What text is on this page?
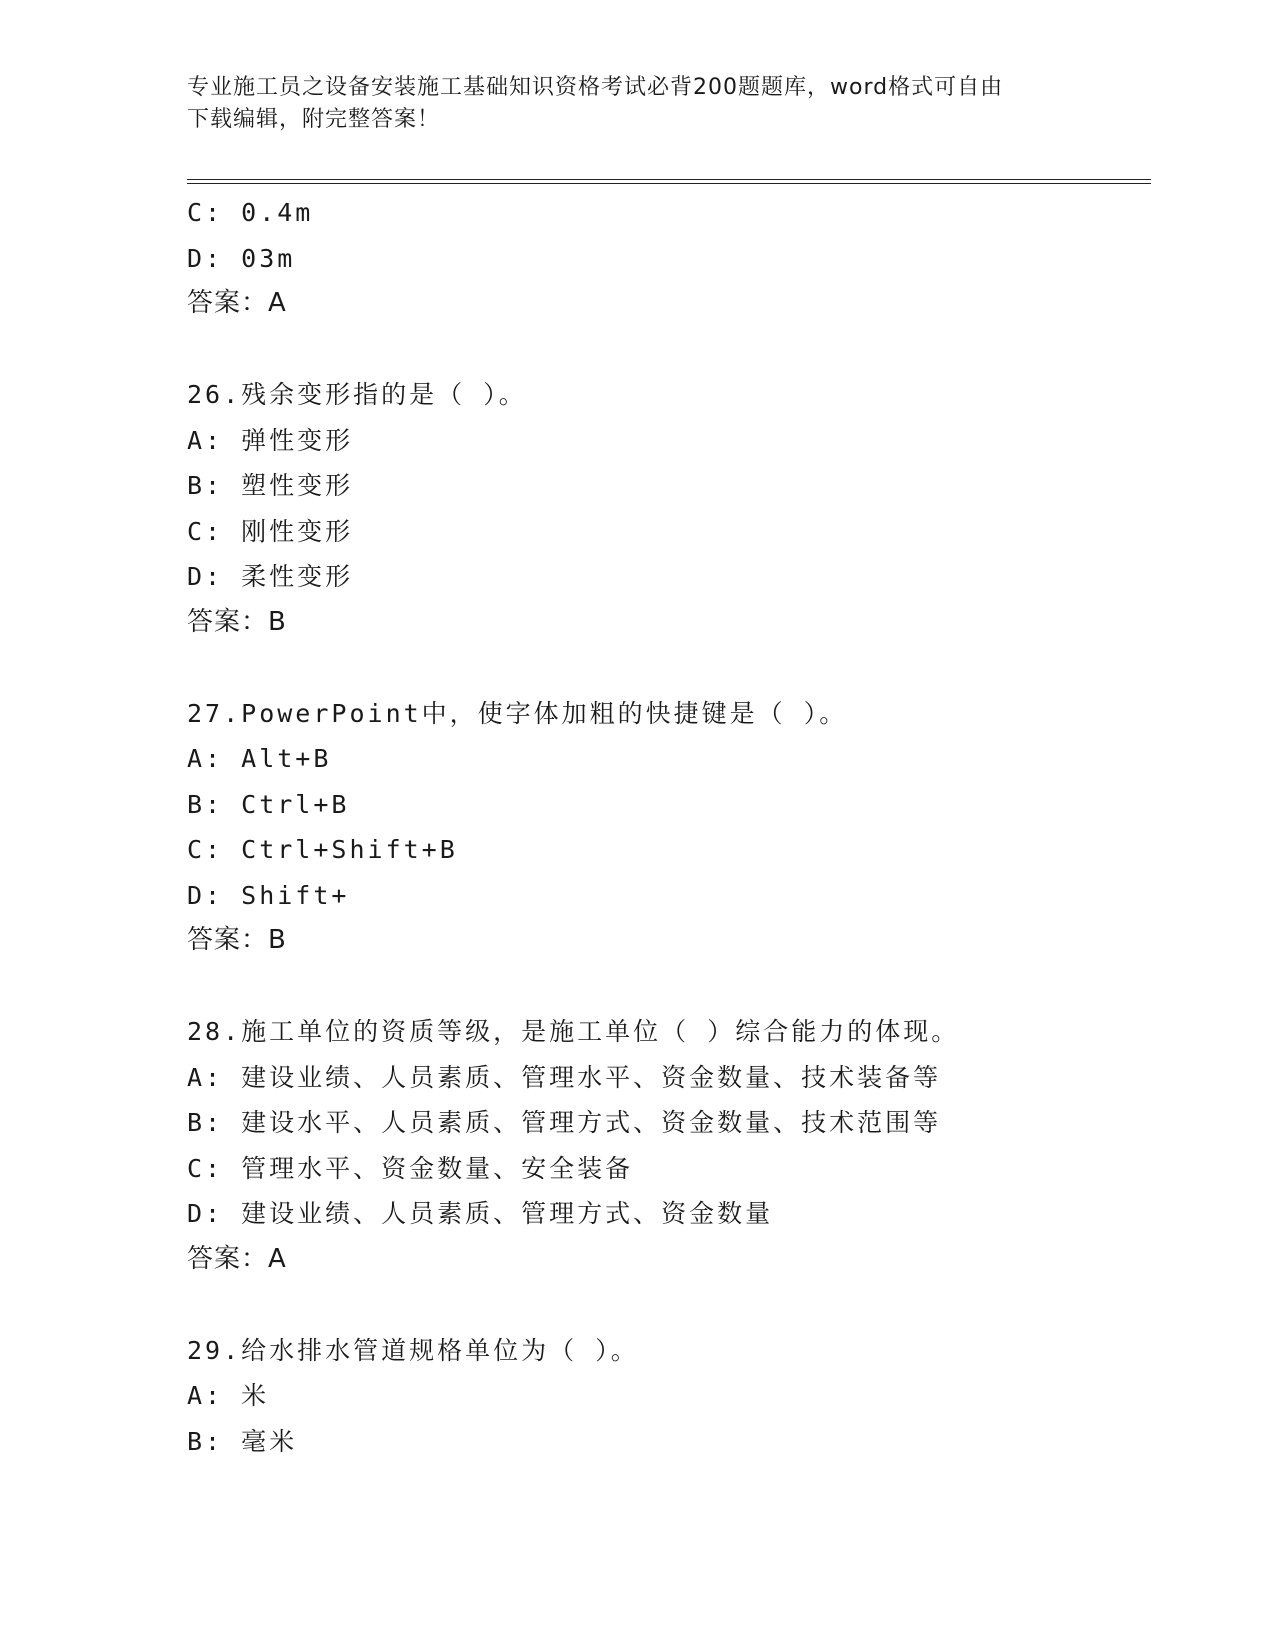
专业施工员之设备安装施工基础知识资格考试必背200题题库，word格式可自由
下载编辑，附完整答案！
C: 0.4m
D: 03m
答案：A
26.残余变形指的是（ ）。
A: 弹性变形
B: 塑性变形
C: 刚性变形
D: 柔性变形
答案：B
27.PowerPoint中，使字体加粗的快捷键是（ ）。
A: Alt+B
B: Ctrl+B
C: Ctrl+Shift+B
D: Shift+
答案：B
28.施工单位的资质等级，是施工单位（ ）综合能力的体现。
A: 建设业绩、人员素质、管理水平、资金数量、技术装备等
B: 建设水平、人员素质、管理方式、资金数量、技术范围等
C: 管理水平、资金数量、安全装备
D: 建设业绩、人员素质、管理方式、资金数量
答案：A
29.给水排水管道规格单位为（ ）。
A: 米
B: 毫米
